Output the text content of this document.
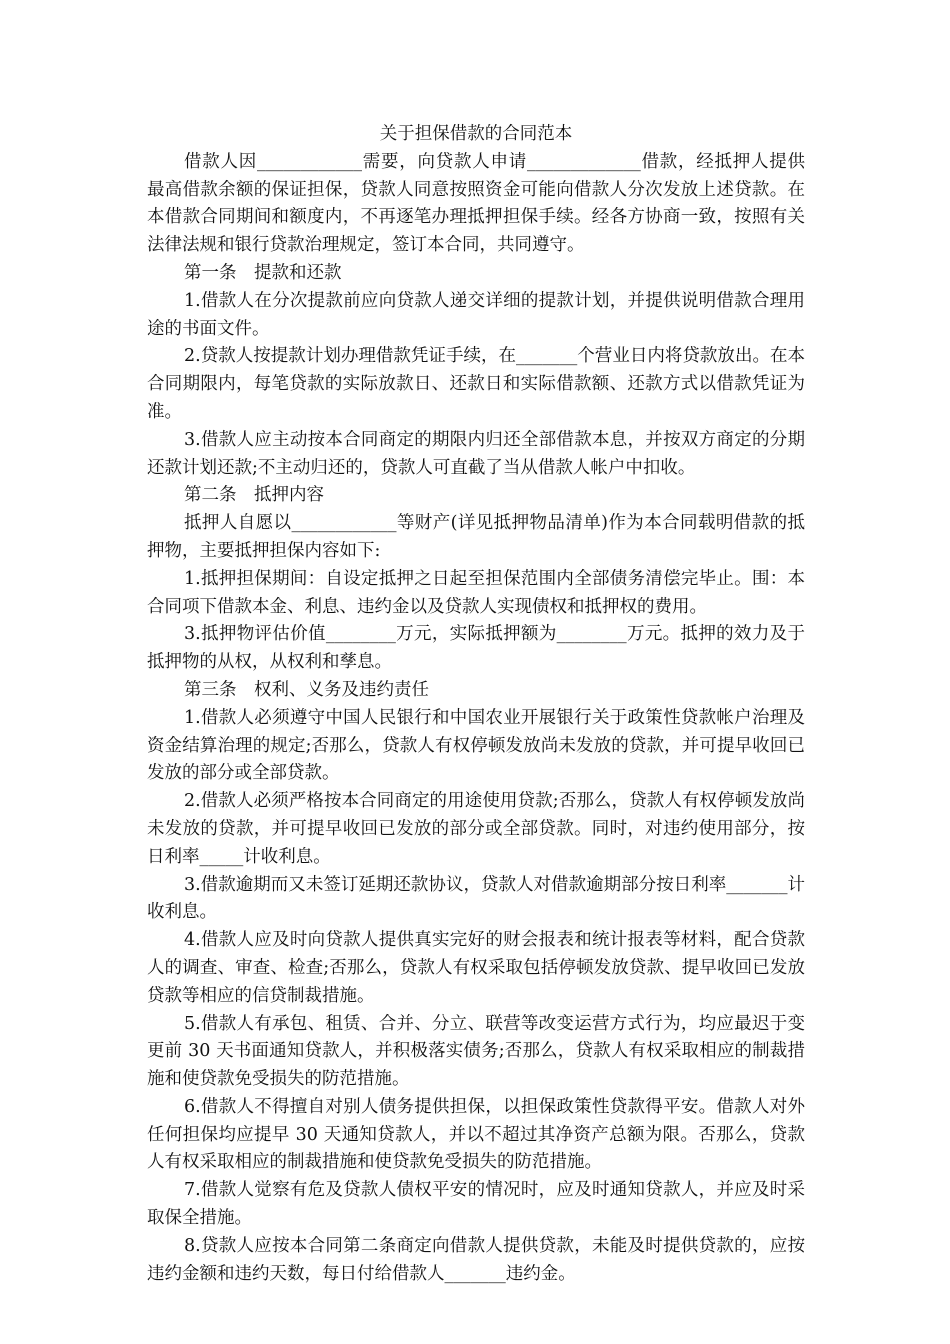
关于担保借款的合同范本

借款人因____________需要，向贷款人申请_____________借款，经抵押人提供最高借款余额的保证担保，贷款人同意按照资金可能向借款人分次发放上述贷款。在本借款合同期间和额度内，不再逐笔办理抵押担保手续。经各方协商一致，按照有关法律法规和银行贷款治理规定，签订本合同，共同遵守。

第一条　提款和还款

1.借款人在分次提款前应向贷款人递交详细的提款计划，并提供说明借款合理用途的书面文件。

2.贷款人按提款计划办理借款凭证手续，在_______个营业日内将贷款放出。在本合同期限内，每笔贷款的实际放款日、还款日和实际借款额、还款方式以借款凭证为准。

3.借款人应主动按本合同商定的期限内归还全部借款本息，并按双方商定的分期还款计划还款;不主动归还的，贷款人可直截了当从借款人帐户中扣收。

第二条　抵押内容

抵押人自愿以____________等财产(详见抵押物品清单)作为本合同载明借款的抵押物，主要抵押担保内容如下:

1.抵押担保期间：自设定抵押之日起至担保范围内全部债务清偿完毕止。围：本合同项下借款本金、利息、违约金以及贷款人实现债权和抵押权的费用。

3.抵押物评估价值________万元，实际抵押额为________万元。抵押的效力及于抵押物的从权，从权利和孳息。

第三条　权利、义务及违约责任

1.借款人必须遵守中国人民银行和中国农业开展银行关于政策性贷款帐户治理及资金结算治理的规定;否那么，贷款人有权停顿发放尚未发放的贷款，并可提早收回已发放的部分或全部贷款。

2.借款人必须严格按本合同商定的用途使用贷款;否那么，贷款人有权停顿发放尚未发放的贷款，并可提早收回已发放的部分或全部贷款。同时，对违约使用部分，按日利率_____计收利息。

3.借款逾期而又未签订延期还款协议，贷款人对借款逾期部分按日利率_______计收利息。

4.借款人应及时向贷款人提供真实完好的财会报表和统计报表等材料，配合贷款人的调查、审查、检查;否那么，贷款人有权采取包括停顿发放贷款、提早收回已发放贷款等相应的信贷制裁措施。

5.借款人有承包、租赁、合并、分立、联营等改变运营方式行为，均应最迟于变更前 30 天书面通知贷款人，并积极落实债务;否那么，贷款人有权采取相应的制裁措施和使贷款免受损失的防范措施。

6.借款人不得擅自对别人债务提供担保，以担保政策性贷款得平安。借款人对外任何担保均应提早 30 天通知贷款人，并以不超过其净资产总额为限。否那么，贷款人有权采取相应的制裁措施和使贷款免受损失的防范措施。

7.借款人觉察有危及贷款人债权平安的情况时，应及时通知贷款人，并应及时采取保全措施。

8.贷款人应按本合同第二条商定向借款人提供贷款，未能及时提供贷款的，应按违约金额和违约天数，每日付给借款人_______违约金。
